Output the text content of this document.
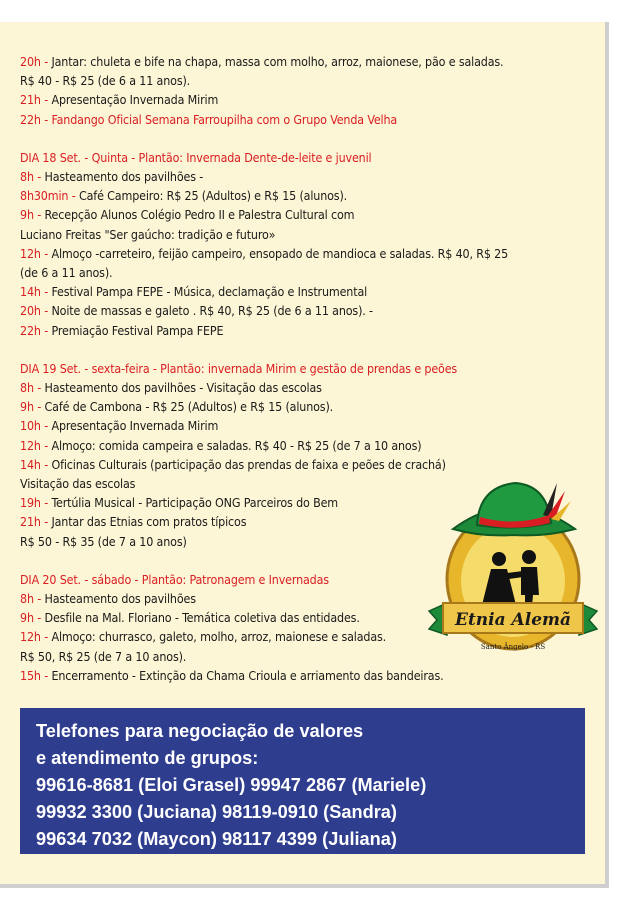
20h - Jantar: chuleta e bife na chapa, massa com molho, arroz, maionese, pão e saladas.
R$ 40 - R$ 25 (de 6 a 11 anos).
21h - Apresentação Invernada Mirim
22h - Fandango Oficial Semana Farroupilha com o Grupo Venda Velha
DIA 18 Set. - Quinta - Plantão: Invernada Dente-de-leite e juvenil
8h - Hasteamento dos pavilhões -
8h30min - Café Campeiro: R$ 25 (Adultos) e R$ 15 (alunos).
9h - Recepção Alunos Colégio Pedro II e Palestra Cultural com
Luciano Freitas "Ser gaúcho: tradição e futuro»
12h - Almoço -carreteiro, feijão campeiro, ensopado de mandioca e saladas. R$ 40, R$ 25
(de 6 a 11 anos).
14h - Festival Pampa FEPE - Música, declamação e Instrumental
20h - Noite de massas e galeto . R$ 40, R$ 25 (de 6 a 11 anos). -
22h - Premiação Festival Pampa FEPE
DIA 19 Set. - sexta-feira - Plantão: invernada Mirim e gestão de prendas e peões
8h - Hasteamento dos pavilhões - Visitação das escolas
9h - Café de Cambona - R$ 25 (Adultos) e R$ 15 (alunos).
10h - Apresentação Invernada Mirim
12h - Almoço: comida campeira e saladas. R$ 40 - R$ 25 (de 7 a 10 anos)
14h - Oficinas Culturais (participação das prendas de faixa e peões de crachá)
Visitação das escolas
19h - Tertúlia Musical - Participação ONG Parceiros do Bem
21h - Jantar das Etnias com pratos típicos
R$ 50 - R$ 35 (de 7 a 10 anos)
DIA 20 Set. - sábado - Plantão: Patronagem e Invernadas
8h - Hasteamento dos pavilhões
9h - Desfile na Mal. Floriano - Temática coletiva das entidades.
12h - Almoço: churrasco, galeto, molho, arroz, maionese e saladas.
R$ 50, R$ 25 (de 7 a 10 anos).
15h - Encerramento - Extinção da Chama Crioula e arriamento das bandeiras.
Etnia Alemã
Santo Ângelo - RS
Telefones para negociação de valores
e atendimento de grupos:
99616-8681 (Eloi Grasel) 99947 2867 (Mariele)
99932 3300 (Juciana) 98119-0910 (Sandra)
99634 7032 (Maycon) 98117 4399 (Juliana)
